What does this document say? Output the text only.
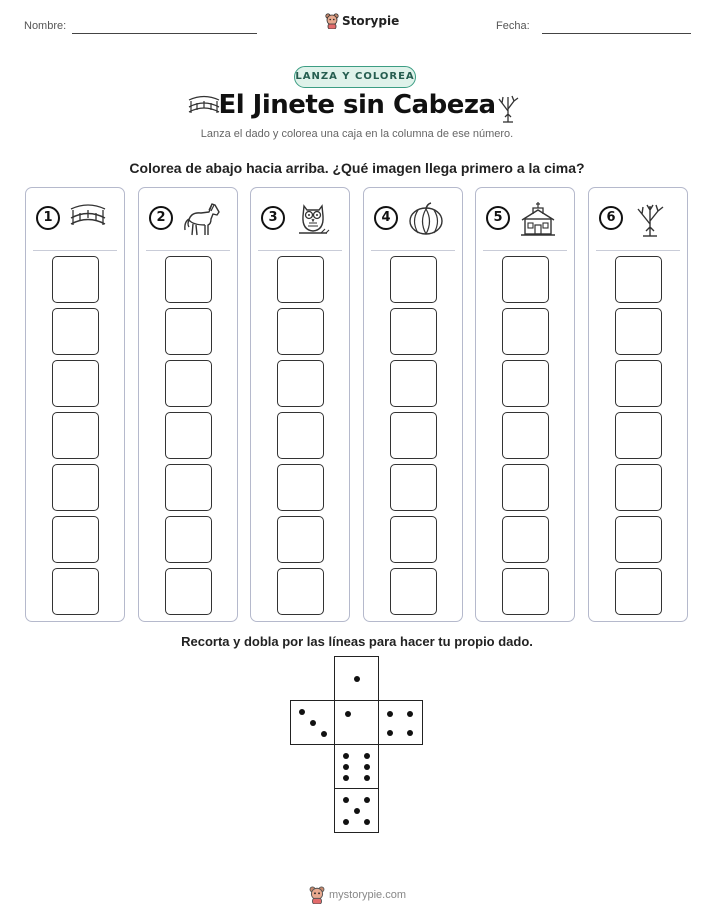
Nombre:	Storypie	Fecha:
LANZA Y COLOREA
El Jinete sin Cabeza
Lanza el dado y colorea una caja en la columna de ese número.
Colorea de abajo hacia arriba. ¿Qué imagen llega primero a la cima?
1	2	3	4	5	6
Recorta y dobla por las líneas para hacer tu propio dado.
mystorypie.com
